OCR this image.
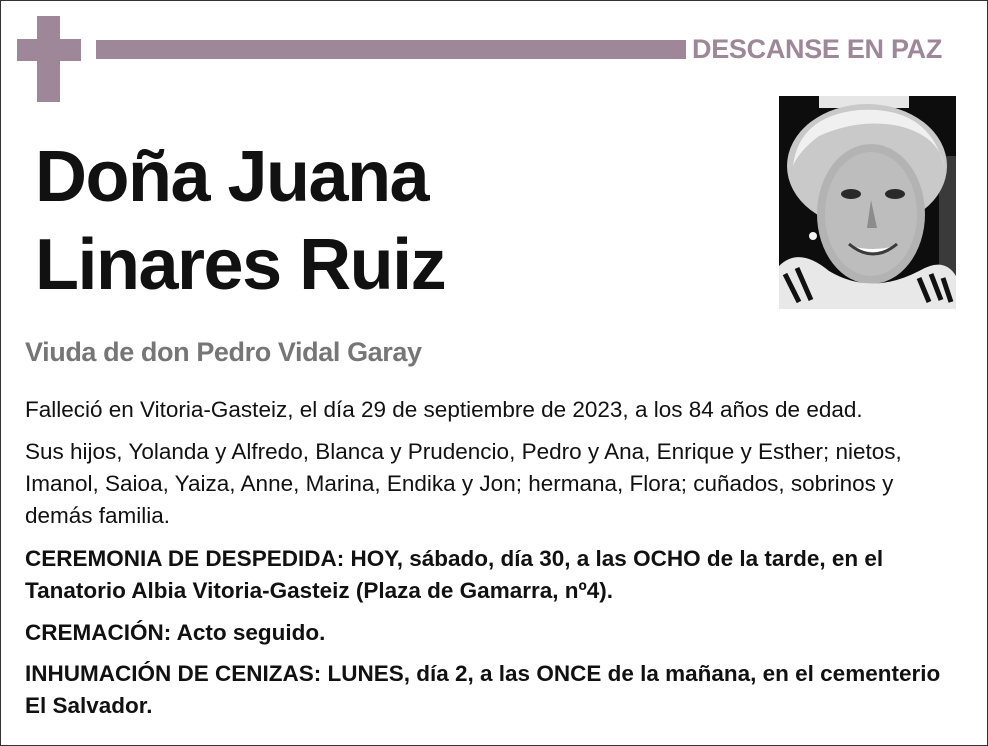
DESCANSE EN PAZ
Doña Juana
Linares Ruiz
Viuda de don Pedro Vidal Garay
Falleció en Vitoria-Gasteiz, el día 29 de septiembre de 2023, a los 84 años de edad.
Sus hijos, Yolanda y Alfredo, Blanca y Prudencio, Pedro y Ana, Enrique y Esther; nietos, Imanol, Saioa, Yaiza, Anne, Marina, Endika y Jon; hermana, Flora; cuñados, sobrinos y demás familia.
CEREMONIA DE DESPEDIDA: HOY, sábado, día 30, a las OCHO de la tarde, en el Tanatorio Albia Vitoria-Gasteiz (Plaza de Gamarra, nº4).
CREMACIÓN: Acto seguido.
INHUMACIÓN DE CENIZAS: LUNES, día 2, a las ONCE de la mañana, en el cementerio El Salvador.
